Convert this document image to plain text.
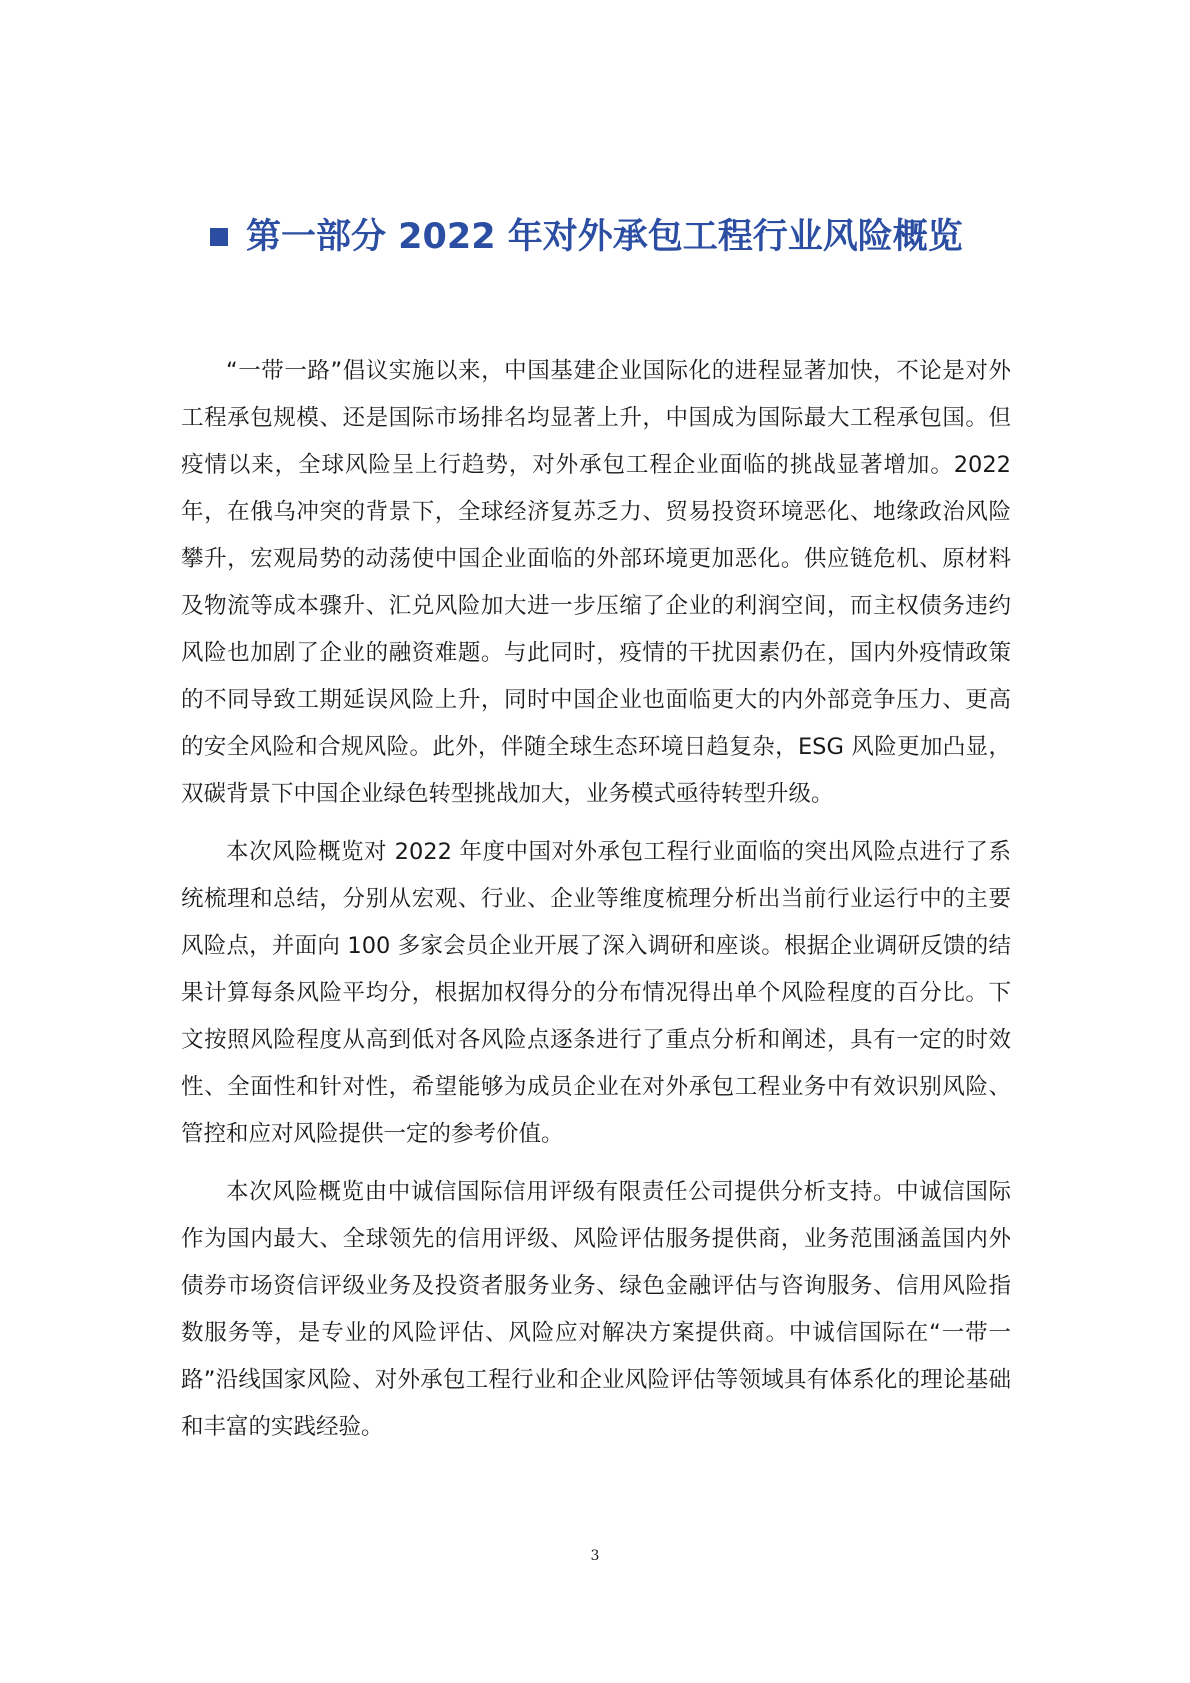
第一部分 2022 年对外承包工程行业风险概览

“一带一路”倡议实施以来，中国基建企业国际化的进程显著加快，不论是对外工程承包规模、还是国际市场排名均显著上升，中国成为国际最大工程承包国。但疫情以来，全球风险呈上行趋势，对外承包工程企业面临的挑战显著增加。2022 年，在俄乌冲突的背景下，全球经济复苏乏力、贸易投资环境恶化、地缘政治风险攀升，宏观局势的动荡使中国企业面临的外部环境更加恶化。供应链危机、原材料及物流等成本骤升、汇兑风险加大进一步压缩了企业的利润空间，而主权债务违约风险也加剧了企业的融资难题。与此同时，疫情的干扰因素仍在，国内外疫情政策的不同导致工期延误风险上升，同时中国企业也面临更大的内外部竞争压力、更高的安全风险和合规风险。此外，伴随全球生态环境日趋复杂，ESG 风险更加凸显，双碳背景下中国企业绿色转型挑战加大，业务模式亟待转型升级。

本次风险概览对 2022 年度中国对外承包工程行业面临的突出风险点进行了系统梳理和总结，分别从宏观、行业、企业等维度梳理分析出当前行业运行中的主要风险点，并面向 100 多家会员企业开展了深入调研和座谈。根据企业调研反馈的结果计算每条风险平均分，根据加权得分的分布情况得出单个风险程度的百分比。下文按照风险程度从高到低对各风险点逐条进行了重点分析和阐述，具有一定的时效性、全面性和针对性，希望能够为成员企业在对外承包工程业务中有效识别风险、管控和应对风险提供一定的参考价值。

本次风险概览由中诚信国际信用评级有限责任公司提供分析支持。中诚信国际作为国内最大、全球领先的信用评级、风险评估服务提供商，业务范围涵盖国内外债券市场资信评级业务及投资者服务业务、绿色金融评估与咨询服务、信用风险指数服务等，是专业的风险评估、风险应对解决方案提供商。中诚信国际在“一带一路”沿线国家风险、对外承包工程行业和企业风险评估等领域具有体系化的理论基础和丰富的实践经验。

3
